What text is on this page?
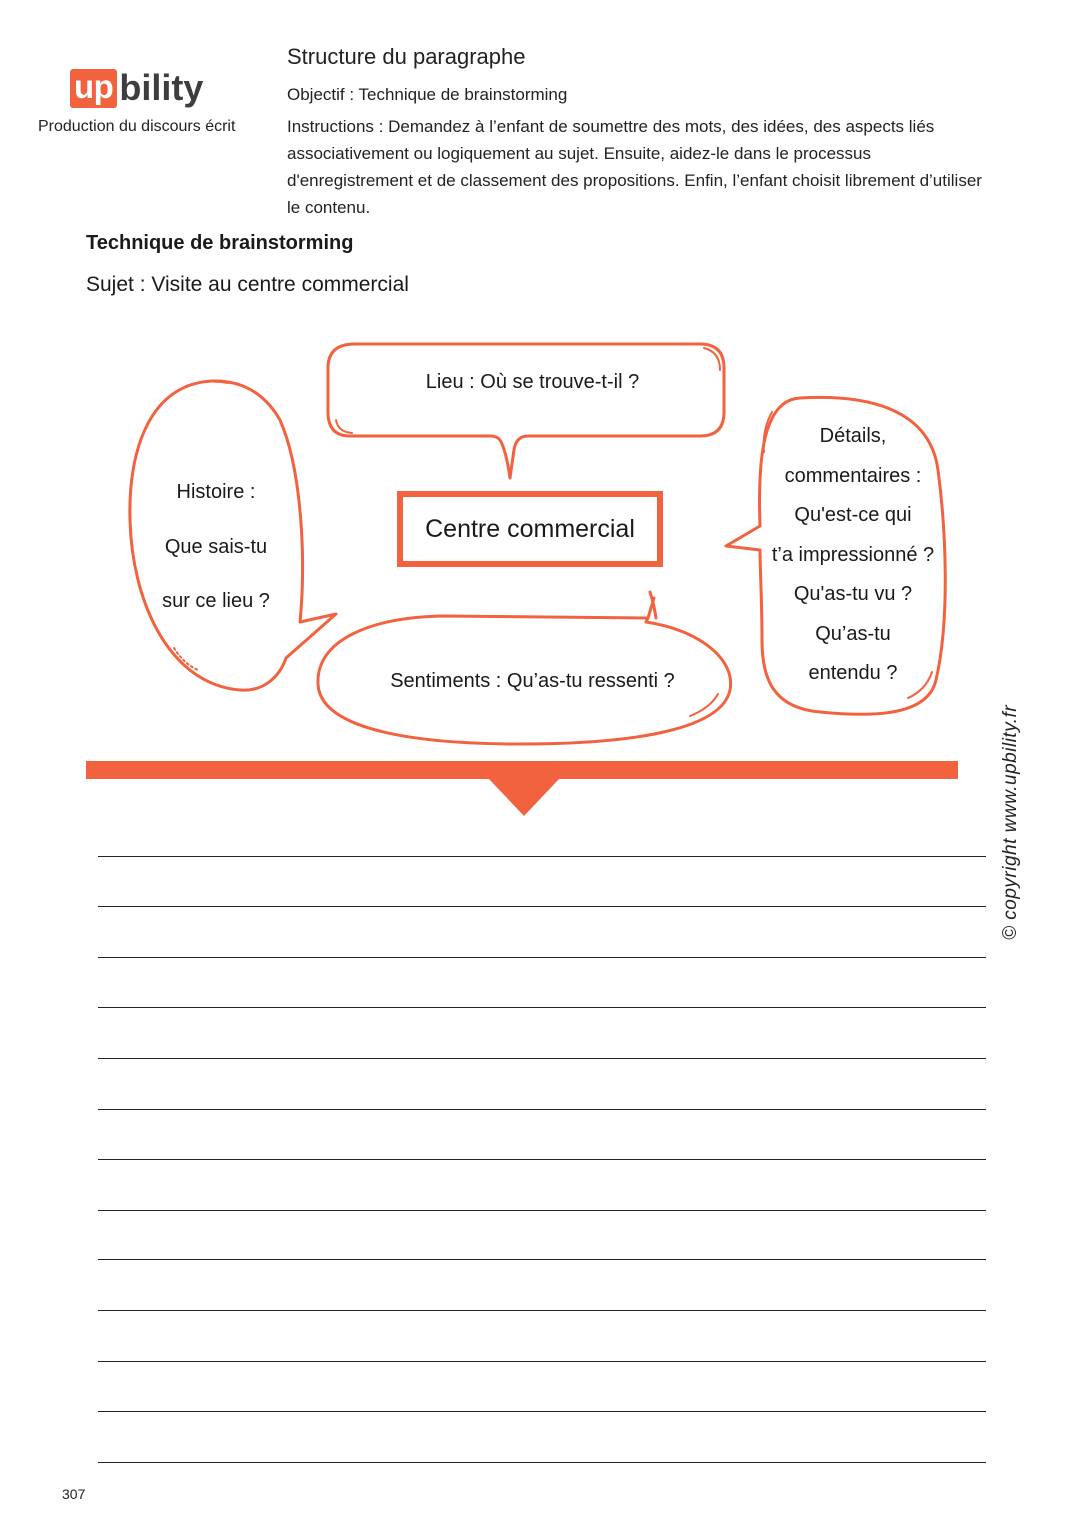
up bility
Production du discours écrit
Structure du paragraphe
Objectif : Technique de brainstorming
Instructions : Demandez à l’enfant de soumettre des mots, des idées, des aspects liés associativement ou logiquement au sujet. Ensuite, aidez-le dans le processus d'enregistrement et de classement des propositions. Enfin, l’enfant choisit librement d’utiliser le contenu.
Technique de brainstorming
Sujet : Visite au centre commercial
Lieu : Où se trouve-t-il ?
Histoire :
Que sais-tu
sur ce lieu ?
Sentiments : Qu’as-tu ressenti ?
Détails,
commentaires :
Qu'est-ce qui
t’a impressionné ?
Qu'as-tu vu ?
Qu’as-tu
entendu ?
Centre commercial
© copyright www.upbility.fr
307
